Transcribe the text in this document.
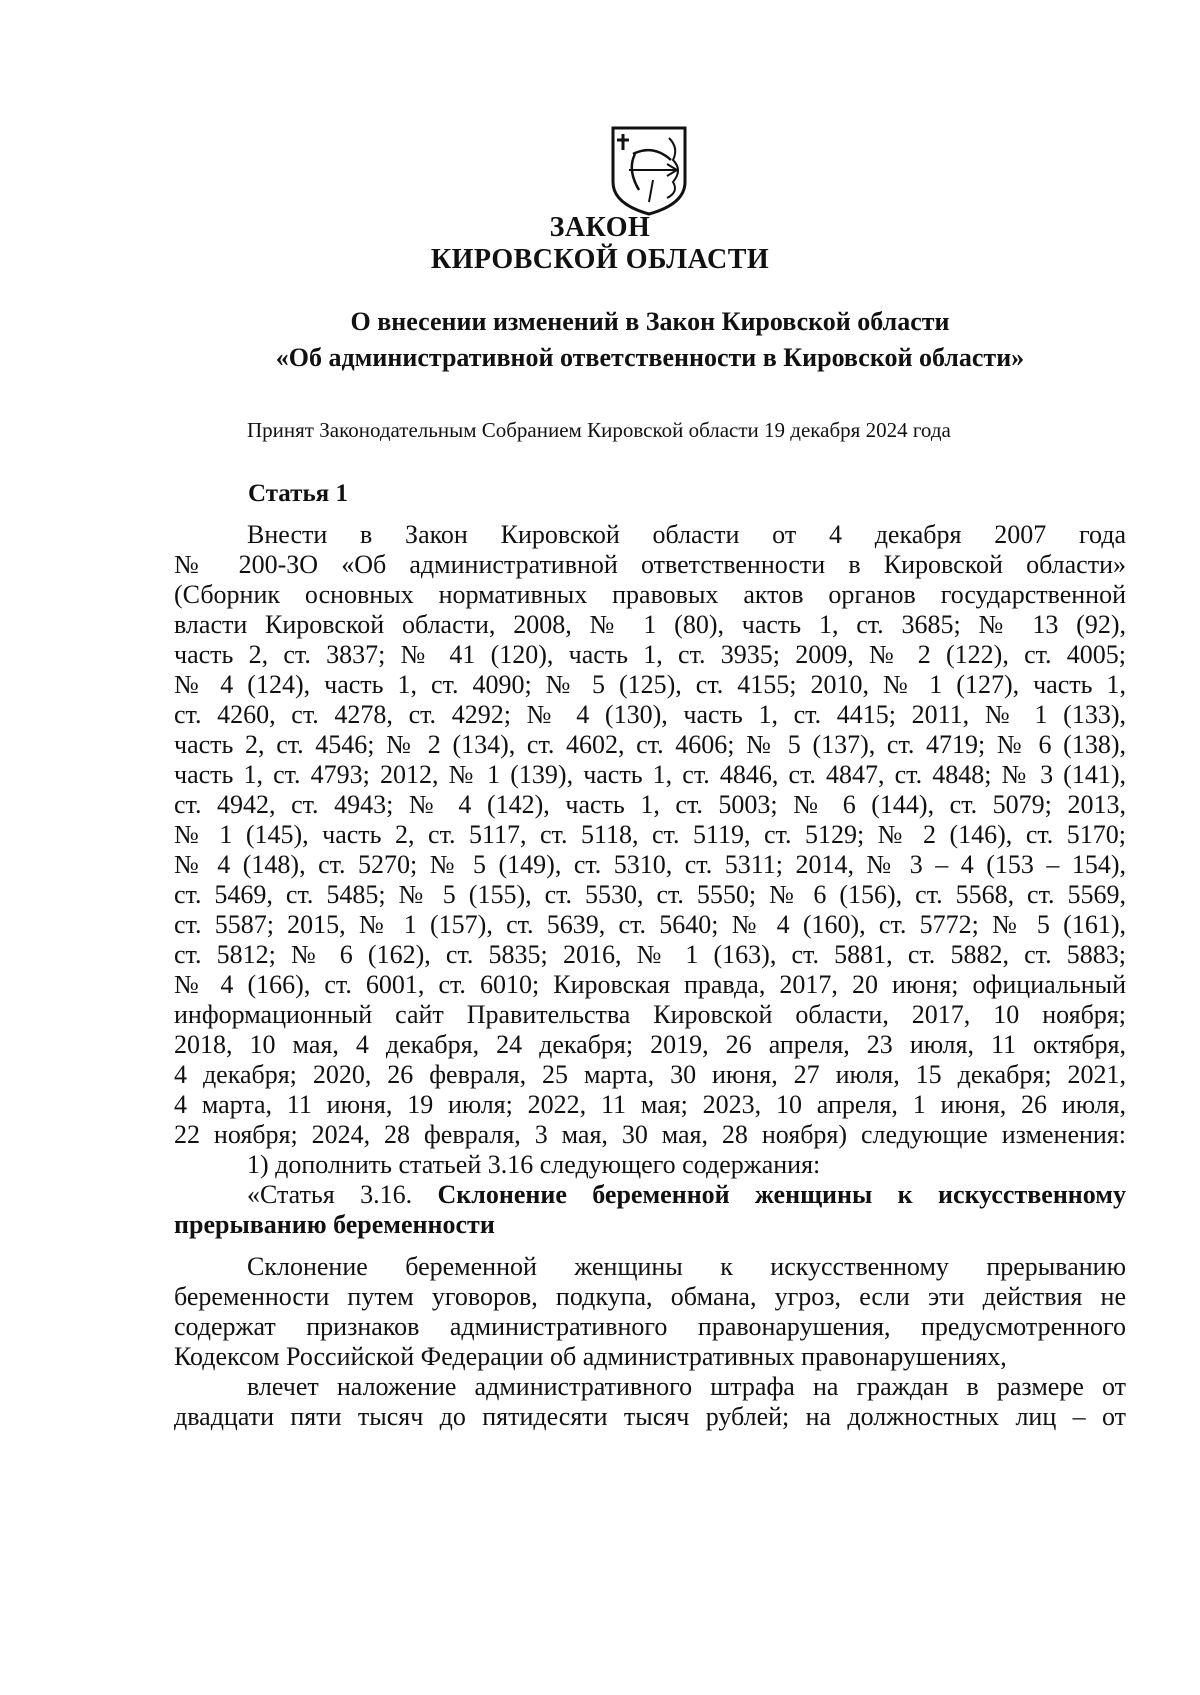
ЗАКОН
КИРОВСКОЙ ОБЛАСТИ
О внесении изменений в Закон Кировской области
«Об административной ответственности в Кировской области»
Принят Законодательным Собранием Кировской области 19 декабря 2024 года
Статья 1
Внести в Закон Кировской области от 4 декабря 2007 года
№ 200-ЗО «Об административной ответственности в Кировской области»
(Сборник основных нормативных правовых актов органов государственной
власти Кировской области, 2008, № 1 (80), часть 1, ст. 3685; № 13 (92),
часть 2, ст. 3837; № 41 (120), часть 1, ст. 3935; 2009, № 2 (122), ст. 4005;
№ 4 (124), часть 1, ст. 4090; № 5 (125), ст. 4155; 2010, № 1 (127), часть 1,
ст. 4260, ст. 4278, ст. 4292; № 4 (130), часть 1, ст. 4415; 2011, № 1 (133),
часть 2, ст. 4546; № 2 (134), ст. 4602, ст. 4606; № 5 (137), ст. 4719; № 6 (138),
часть 1, ст. 4793; 2012, № 1 (139), часть 1, ст. 4846, ст. 4847, ст. 4848; № 3 (141),
ст. 4942, ст. 4943; № 4 (142), часть 1, ст. 5003; № 6 (144), ст. 5079; 2013,
№ 1 (145), часть 2, ст. 5117, ст. 5118, ст. 5119, ст. 5129; № 2 (146), ст. 5170;
№ 4 (148), ст. 5270; № 5 (149), ст. 5310, ст. 5311; 2014, № 3 – 4 (153 – 154),
ст. 5469, ст. 5485; № 5 (155), ст. 5530, ст. 5550; № 6 (156), ст. 5568, ст. 5569,
ст. 5587; 2015, № 1 (157), ст. 5639, ст. 5640; № 4 (160), ст. 5772; № 5 (161),
ст. 5812; № 6 (162), ст. 5835; 2016, № 1 (163), ст. 5881, ст. 5882, ст. 5883;
№ 4 (166), ст. 6001, ст. 6010; Кировская правда, 2017, 20 июня; официальный
информационный сайт Правительства Кировской области, 2017, 10 ноября;
2018, 10 мая, 4 декабря, 24 декабря; 2019, 26 апреля, 23 июля, 11 октября,
4 декабря; 2020, 26 февраля, 25 марта, 30 июня, 27 июля, 15 декабря; 2021,
4 марта, 11 июня, 19 июля; 2022, 11 мая; 2023, 10 апреля, 1 июня, 26 июля,
22 ноября; 2024, 28 февраля, 3 мая, 30 мая, 28 ноября) следующие изменения:
1) дополнить статьей 3.16 следующего содержания:
«Статья 3.16. Склонение беременной женщины к искусственному
прерыванию беременности
Склонение беременной женщины к искусственному прерыванию
беременности путем уговоров, подкупа, обмана, угроз, если эти действия не
содержат признаков административного правонарушения, предусмотренного
Кодексом Российской Федерации об административных правонарушениях,
влечет наложение административного штрафа на граждан в размере от
двадцати пяти тысяч до пятидесяти тысяч рублей; на должностных лиц – от
